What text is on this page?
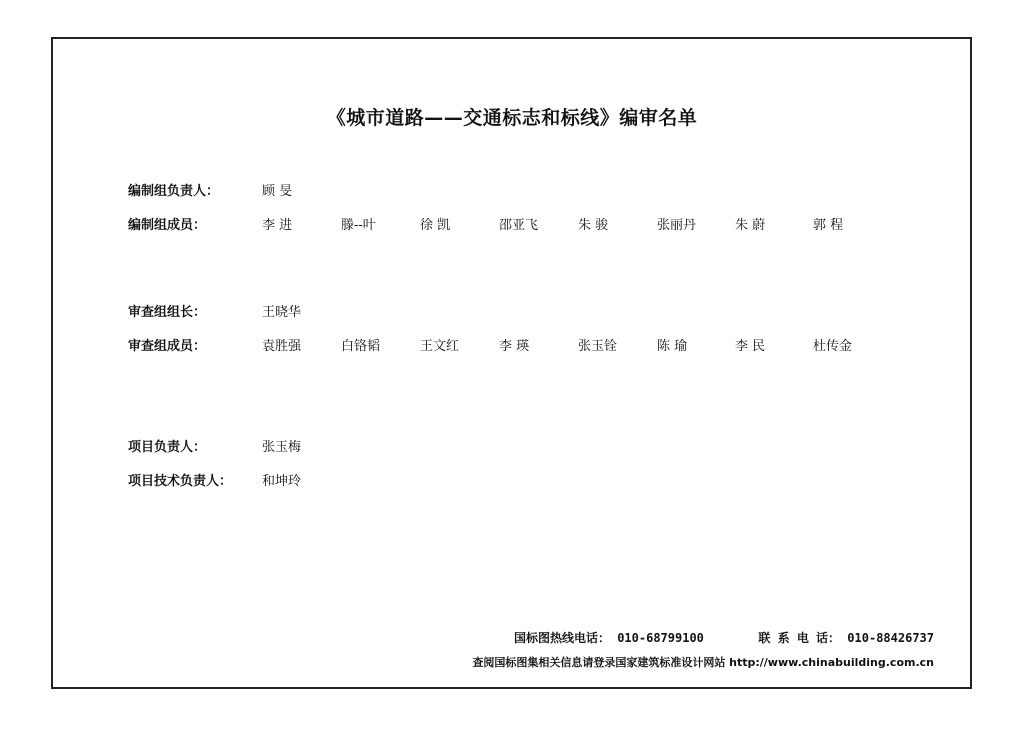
《城市道路——交通标志和标线》编审名单
编制组负责人：	顾 旻
编制组成员：	李 进	滕--叶	徐 凯	邵亚飞	朱 骏	张丽丹	朱 蔚	郭 程
审查组组长：	王晓华
审查组成员：	袁胜强	白铬韬	王文红	李 瑛	张玉铨	陈 瑜	李 民	杜传金
项目负责人：	张玉梅
项目技术负责人： 和坤玲
国标图热线电话： 010-68799100	联 系 电 话： 010-88426737
查阅国标图集相关信息请登录国家建筑标准设计网站 http://www.chinabuilding.com.cn
